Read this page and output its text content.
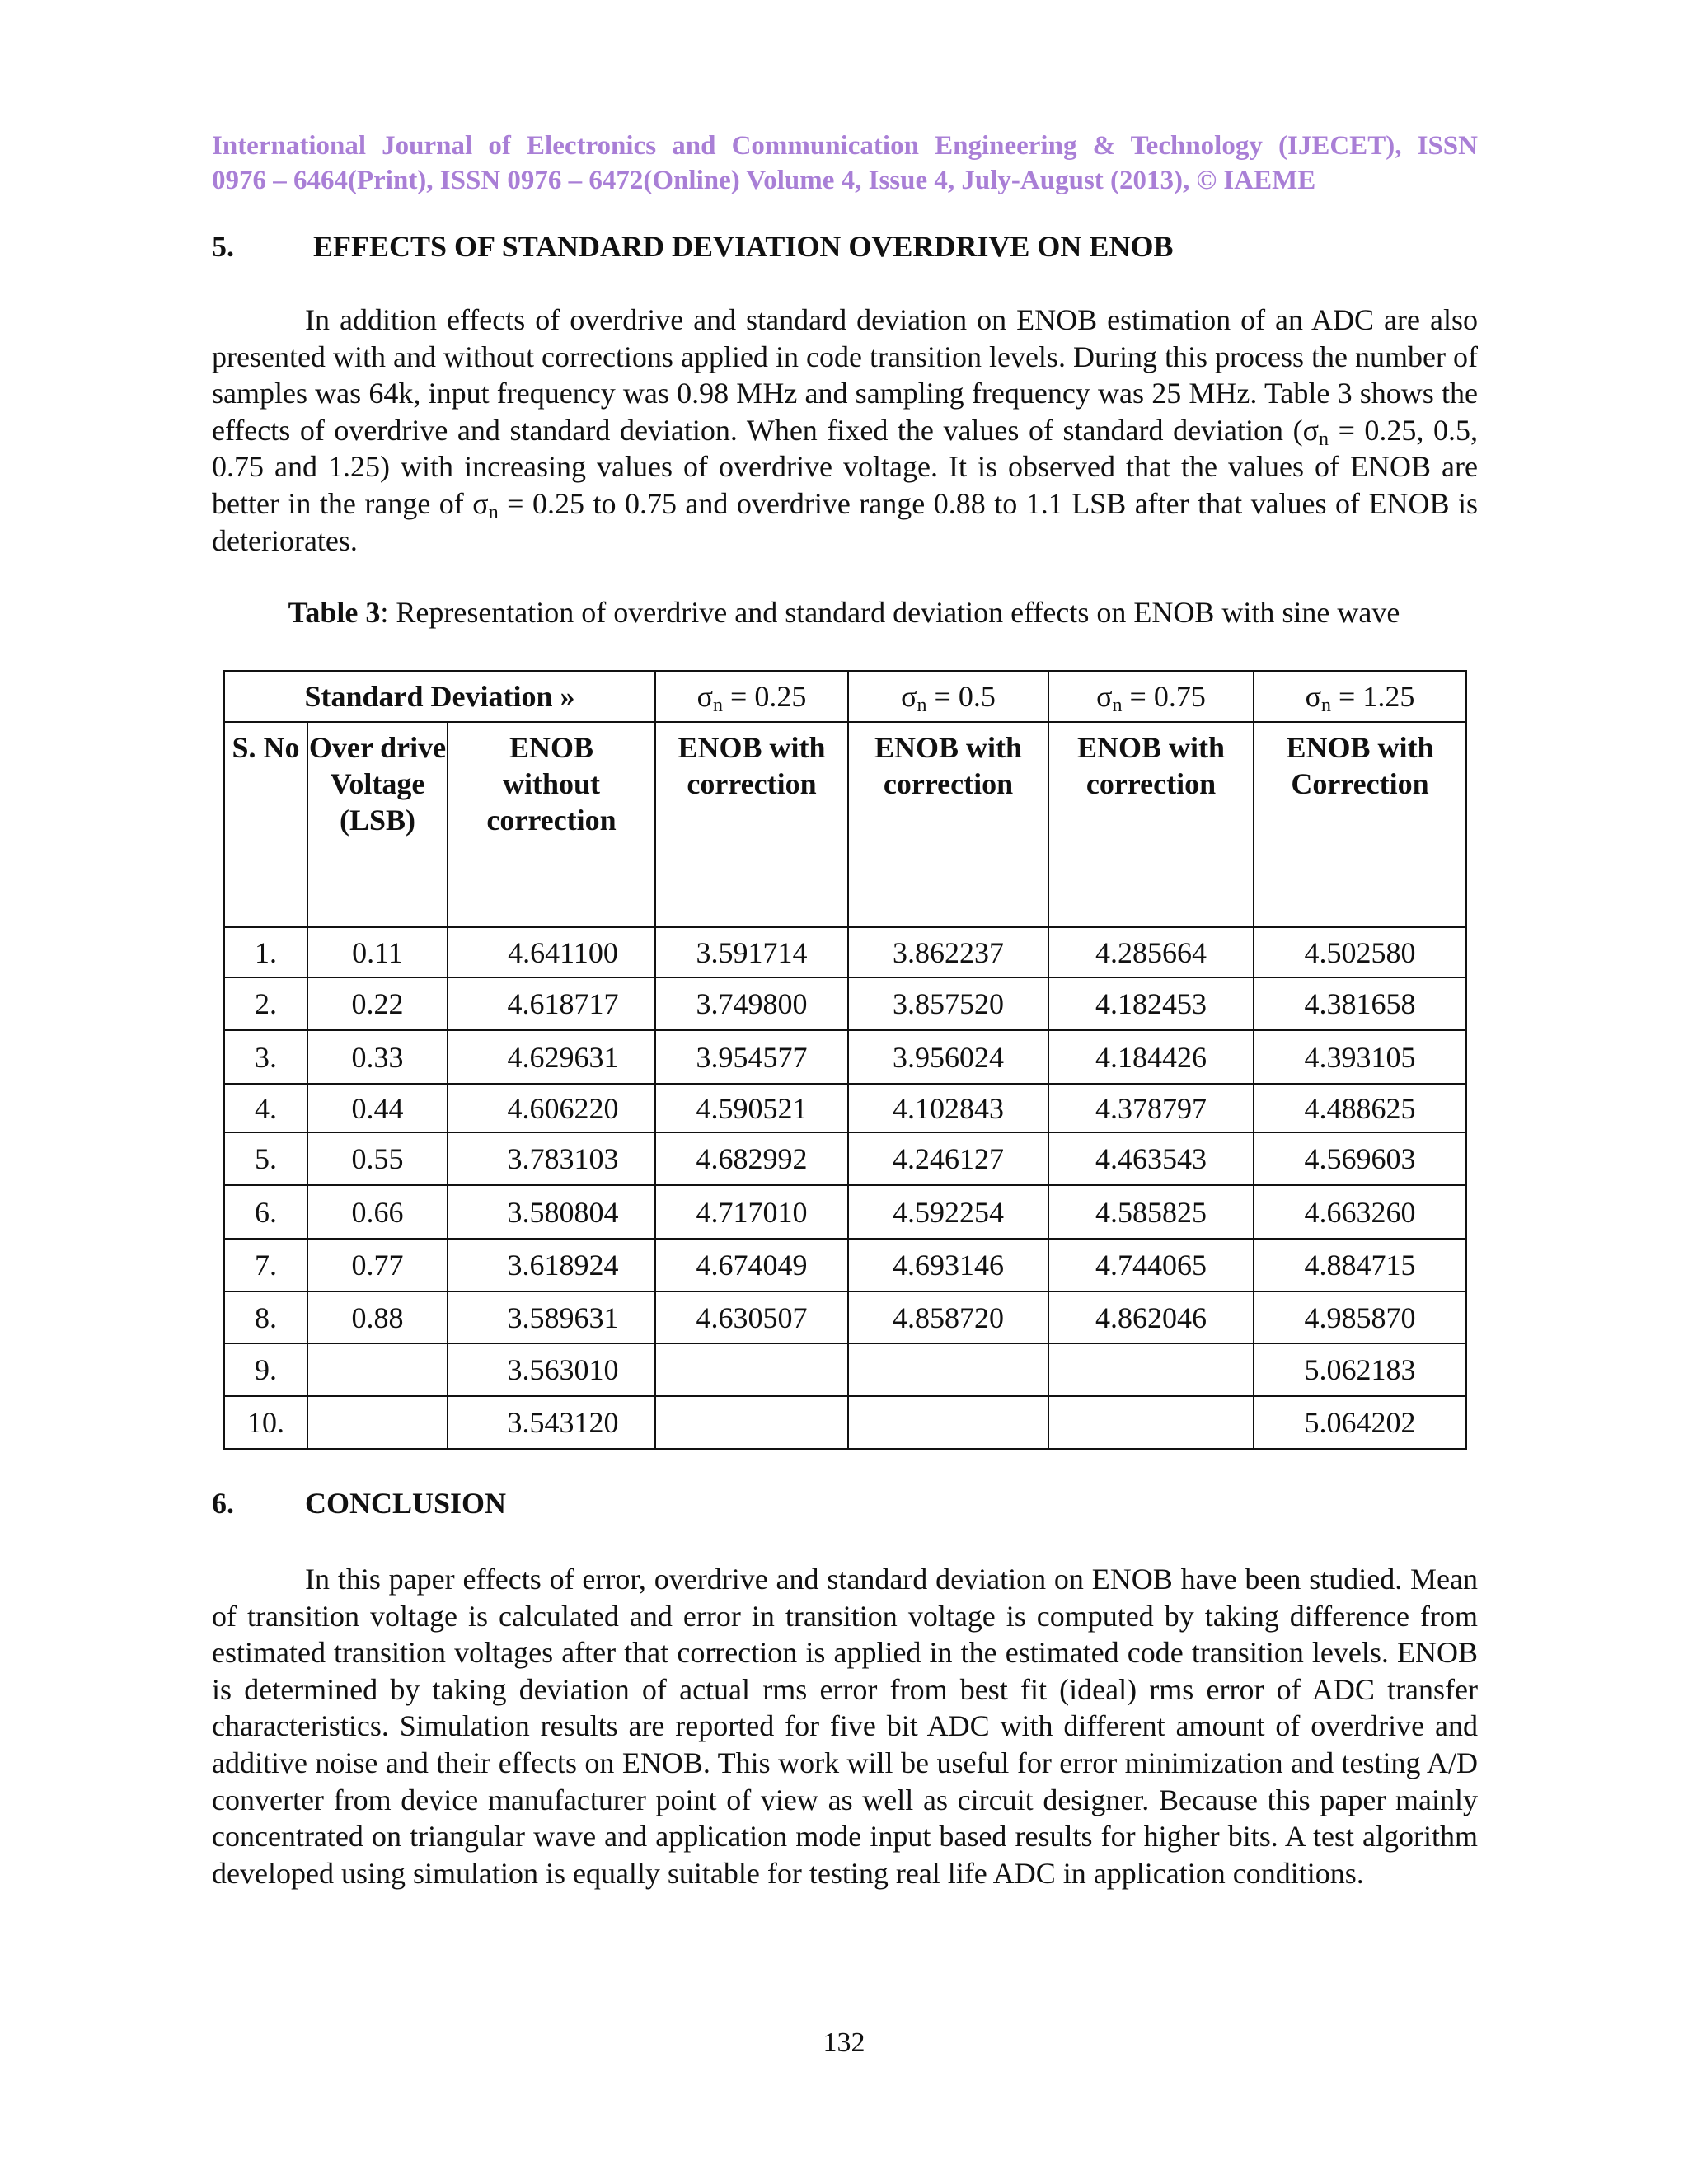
International Journal of Electronics and Communication Engineering & Technology (IJECET), ISSN
0976 – 6464(Print), ISSN 0976 – 6472(Online) Volume 4, Issue 4, July-August (2013), © IAEME
5.	EFFECTS OF STANDARD DEVIATION OVERDRIVE ON ENOB
In addition effects of overdrive and standard deviation on ENOB estimation of an ADC are also presented with and without corrections applied in code transition levels. During this process the number of samples was 64k, input frequency was 0.98 MHz and sampling frequency was 25 MHz. Table 3 shows the effects of overdrive and standard deviation. When fixed the values of standard deviation ($\sigma_n = 0.25$, 0.5, 0.75 and 1.25) with increasing values of overdrive voltage. It is observed that the values of ENOB are better in the range of $\sigma_n = 0.25$ to 0.75 and overdrive range 0.88 to 1.1 LSB after that values of ENOB is deteriorates.
Table 3: Representation of overdrive and standard deviation effects on ENOB with sine wave
Standard Deviation »			$\sigma_n = 0.25$	$\sigma_n = 0.5$	$\sigma_n = 0.75$	$\sigma_n = 1.25$
S. No	Over drive Voltage (LSB)	ENOB without correction	ENOB with correction	ENOB with correction	ENOB with correction	ENOB with Correction
1.	0.11	4.641100	3.591714	3.862237	4.285664	4.502580
2.	0.22	4.618717	3.749800	3.857520	4.182453	4.381658
3.	0.33	4.629631	3.954577	3.956024	4.184426	4.393105
4.	0.44	4.606220	4.590521	4.102843	4.378797	4.488625
5.	0.55	3.783103	4.682992	4.246127	4.463543	4.569603
6.	0.66	3.580804	4.717010	4.592254	4.585825	4.663260
7.	0.77	3.618924	4.674049	4.693146	4.744065	4.884715
8.	0.88	3.589631	4.630507	4.858720	4.862046	4.985870
9.		3.563010				5.062183
10.		3.543120				5.064202
6. CONCLUSION
In this paper effects of error, overdrive and standard deviation on ENOB have been studied. Mean of transition voltage is calculated and error in transition voltage is computed by taking difference from estimated transition voltages after that correction is applied in the estimated code transition levels. ENOB is determined by taking deviation of actual rms error from best fit (ideal) rms error of ADC transfer characteristics. Simulation results are reported for five bit ADC with different amount of overdrive and additive noise and their effects on ENOB. This work will be useful for error minimization and testing A/D converter from device manufacturer point of view as well as circuit designer. Because this paper mainly concentrated on triangular wave and application mode input based results for higher bits. A test algorithm developed using simulation is equally suitable for testing real life ADC in application conditions.
132
